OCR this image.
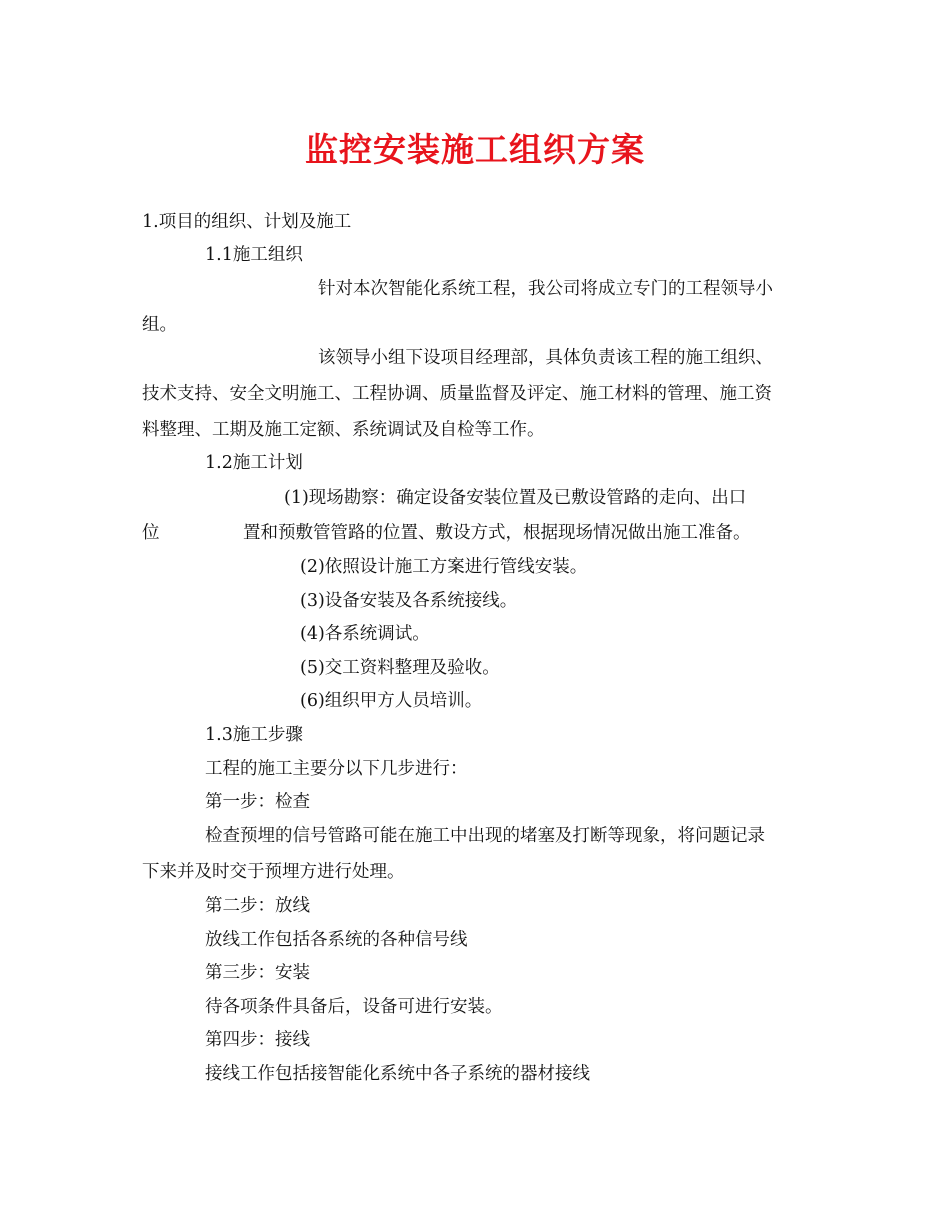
监控安装施工组织方案
1.项目的组织、计划及施工
1.1施工组织
针对本次智能化系统工程，我公司将成立专门的工程领导小
组。
该领导小组下设项目经理部，具体负责该工程的施工组织、
技术支持、安全文明施工、工程协调、质量监督及评定、施工材料的管理、施工资
料整理、工期及施工定额、系统调试及自检等工作。
1.2施工计划
(1)现场勘察：确定设备安装位置及已敷设管路的走向、出口
位	置和预敷管管路的位置、敷设方式，根据现场情况做出施工准备。
(2)依照设计施工方案进行管线安装。
(3)设备安装及各系统接线。
(4)各系统调试。
(5)交工资料整理及验收。
(6)组织甲方人员培训。
1.3施工步骤
工程的施工主要分以下几步进行：
第一步：检查
检查预埋的信号管路可能在施工中出现的堵塞及打断等现象，将问题记录
下来并及时交于预埋方进行处理。
第二步：放线
放线工作包括各系统的各种信号线
第三步：安装
待各项条件具备后，设备可进行安装。
第四步：接线
接线工作包括接智能化系统中各子系统的器材接线
